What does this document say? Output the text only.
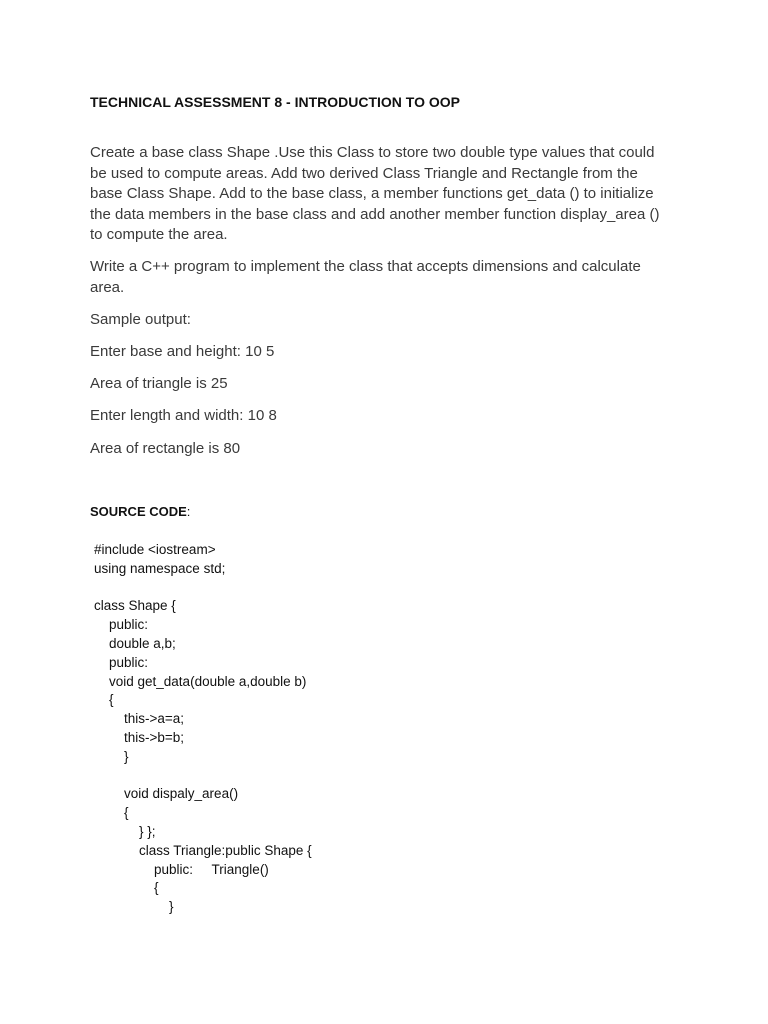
TECHNICAL ASSESSMENT 8 - INTRODUCTION TO OOP
Create a base class Shape .Use this Class to store two double type values that could
be used to compute areas. Add two derived Class Triangle and Rectangle from the
base Class Shape. Add to the base class, a member functions get_data () to initialize
the data members in the base class and add another member function display_area ()
to compute the area.
Write a C++ program to implement the class that accepts dimensions and calculate
area.
Sample output:
Enter base and height: 10 5
Area of triangle is 25
Enter length and width: 10 8
Area of rectangle is 80
SOURCE CODE:
#include <iostream>
using namespace std;
class Shape {
public:
double a,b;
public:
void get_data(double a,double b)
{
this->a=a;
this->b=b;
}
void dispaly_area()
{
} };
class Triangle:public Shape {
public:     Triangle()
{
}
